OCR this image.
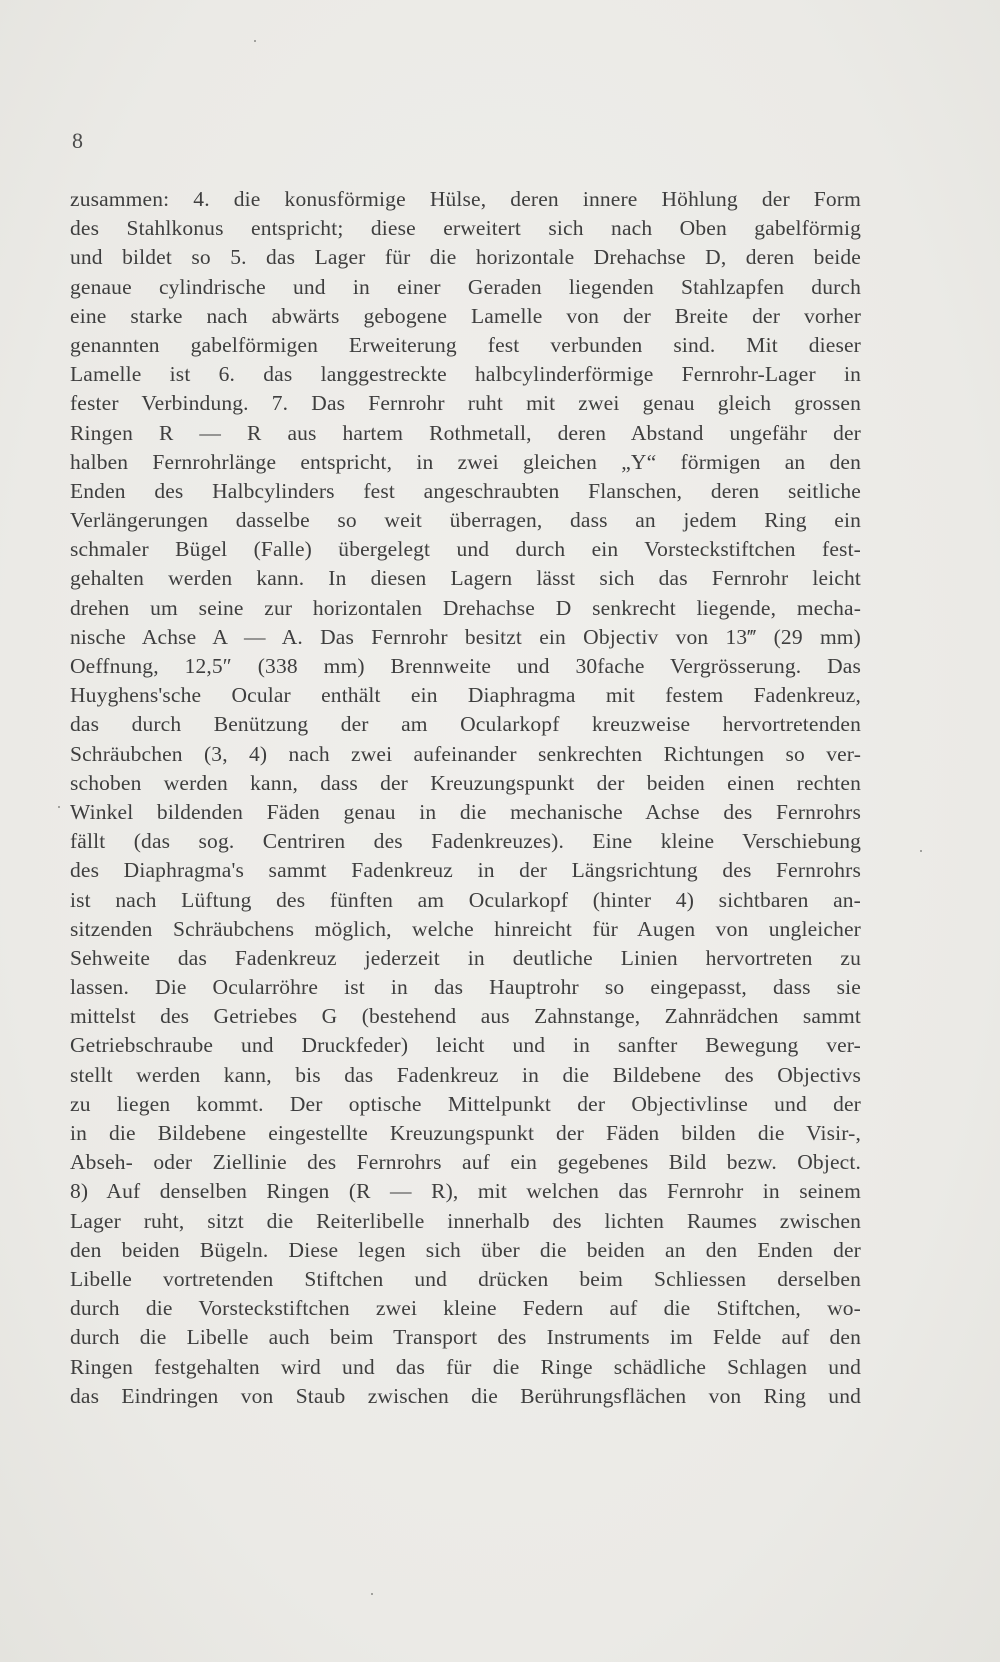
8
zusammen: 4. die konusförmige Hülse, deren innere Höhlung der Form
des Stahlkonus entspricht; diese erweitert sich nach Oben gabelförmig
und bildet so 5. das Lager für die horizontale Drehachse D, deren beide
genaue cylindrische und in einer Geraden liegenden Stahlzapfen durch
eine starke nach abwärts gebogene Lamelle von der Breite der vorher
genannten gabelförmigen Erweiterung fest verbunden sind. Mit dieser
Lamelle ist 6. das langgestreckte halbcylinderförmige Fernrohr-Lager in
fester Verbindung. 7. Das Fernrohr ruht mit zwei genau gleich grossen
Ringen R — R aus hartem Rothmetall, deren Abstand ungefähr der
halben Fernrohrlänge entspricht, in zwei gleichen „Y“ förmigen an den
Enden des Halbcylinders fest angeschraubten Flanschen, deren seitliche
Verlängerungen dasselbe so weit überragen, dass an jedem Ring ein
schmaler Bügel (Falle) übergelegt und durch ein Vorsteckstiftchen fest-
gehalten werden kann. In diesen Lagern lässt sich das Fernrohr leicht
drehen um seine zur horizontalen Drehachse D senkrecht liegende, mecha-
nische Achse A — A. Das Fernrohr besitzt ein Objectiv von 13‴ (29 mm)
Oeffnung, 12,5″ (338 mm) Brennweite und 30fache Vergrösserung. Das
Huyghens'sche Ocular enthält ein Diaphragma mit festem Fadenkreuz,
das durch Benützung der am Ocularkopf kreuzweise hervortretenden
Schräubchen (3, 4) nach zwei aufeinander senkrechten Richtungen so ver-
schoben werden kann, dass der Kreuzungspunkt der beiden einen rechten
Winkel bildenden Fäden genau in die mechanische Achse des Fernrohrs
fällt (das sog. Centriren des Fadenkreuzes). Eine kleine Verschiebung
des Diaphragma's sammt Fadenkreuz in der Längsrichtung des Fernrohrs
ist nach Lüftung des fünften am Ocularkopf (hinter 4) sichtbaren an-
sitzenden Schräubchens möglich, welche hinreicht für Augen von ungleicher
Sehweite das Fadenkreuz jederzeit in deutliche Linien hervortreten zu
lassen. Die Ocularröhre ist in das Hauptrohr so eingepasst, dass sie
mittelst des Getriebes G (bestehend aus Zahnstange, Zahnrädchen sammt
Getriebschraube und Druckfeder) leicht und in sanfter Bewegung ver-
stellt werden kann, bis das Fadenkreuz in die Bildebene des Objectivs
zu liegen kommt. Der optische Mittelpunkt der Objectivlinse und der
in die Bildebene eingestellte Kreuzungspunkt der Fäden bilden die Visir-,
Abseh- oder Ziellinie des Fernrohrs auf ein gegebenes Bild bezw. Object.
8) Auf denselben Ringen (R — R), mit welchen das Fernrohr in seinem
Lager ruht, sitzt die Reiterlibelle innerhalb des lichten Raumes zwischen
den beiden Bügeln. Diese legen sich über die beiden an den Enden der
Libelle vortretenden Stiftchen und drücken beim Schliessen derselben
durch die Vorsteckstiftchen zwei kleine Federn auf die Stiftchen, wo-
durch die Libelle auch beim Transport des Instruments im Felde auf den
Ringen festgehalten wird und das für die Ringe schädliche Schlagen und
das Eindringen von Staub zwischen die Berührungsflächen von Ring und
